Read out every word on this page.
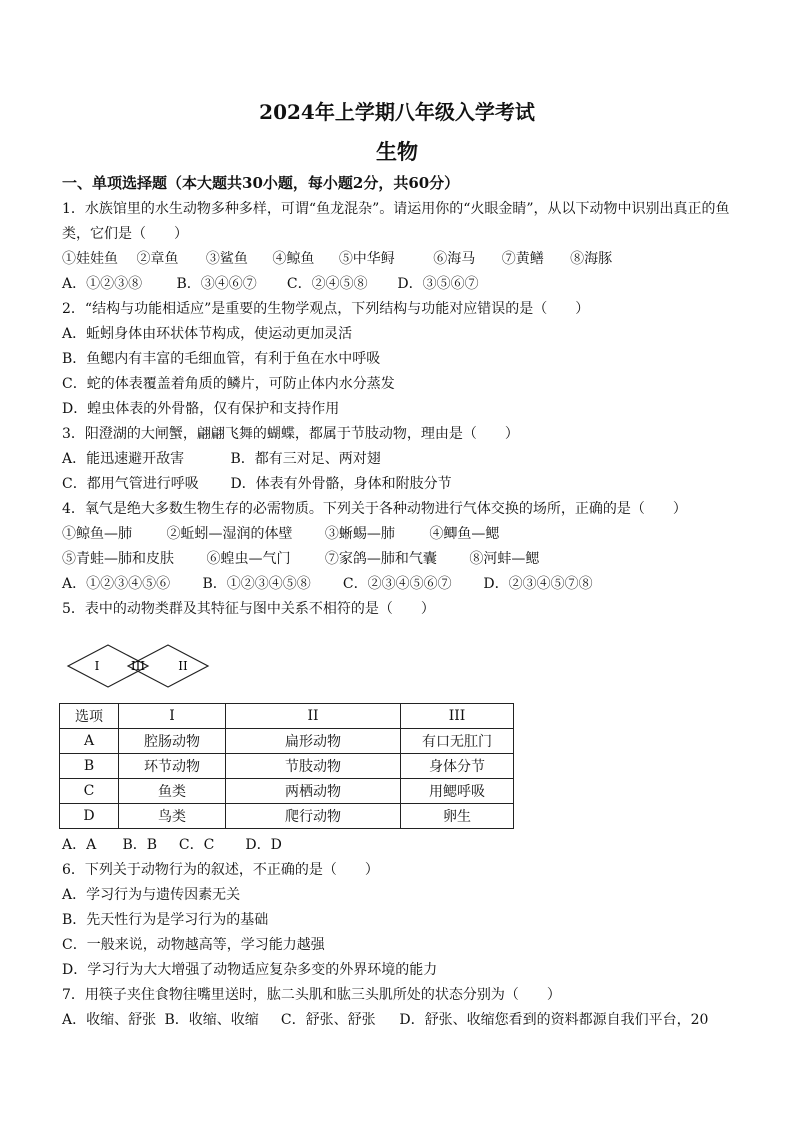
2024年上学期八年级入学考试
生物
一、单项选择题（本大题共30小题，每小题2分，共60分）
1．水族馆里的水生动物多种多样，可谓“鱼龙混杂”。请运用你的“火眼金睛”，从以下动物中识别出真正的鱼
类，它们是（　　）
①娃娃鱼 ②章鱼 ③鲨鱼 ④鲸鱼 ⑤中华鲟	⑥海马 ⑦黄鳝 ⑧海豚
A．①②③⑧ B．③④⑥⑦ C．②④⑤⑧ D．③⑤⑥⑦
2．“结构与功能相适应”是重要的生物学观点，下列结构与功能对应错误的是（　　）
A．蚯蚓身体由环状体节构成，使运动更加灵活
B．鱼鳃内有丰富的毛细血管，有利于鱼在水中呼吸
C．蛇的体表覆盖着角质的鳞片，可防止体内水分蒸发
D．蝗虫体表的外骨骼，仅有保护和支持作用
3．阳澄湖的大闸蟹，翩翩飞舞的蝴蝶，都属于节肢动物，理由是（　　）
A．能迅速避开敌害	B．都有三对足、两对翅
C．都用气管进行呼吸 D．体表有外骨骼，身体和附肢分节
4．氧气是绝大多数生物生存的必需物质。下列关于各种动物进行气体交换的场所，正确的是（　　）
①鲸鱼—肺 ②蚯蚓—湿润的体壁 ③蜥蜴—肺 ④鲫鱼—鳃
⑤青蛙—肺和皮肤 ⑥蝗虫—气门 ⑦家鸽—肺和气囊 ⑧河蚌—鳃
A．①②③④⑤⑥ B．①②③④⑤⑧ C．②③④⑤⑥⑦ D．②③④⑤⑦⑧
5．表中的动物类群及其特征与图中关系不相符的是（　　）
I	III	II
选项	I	II	III
A	腔肠动物	扁形动物	有口无肛门
B	环节动物	节肢动物	身体分节
C	鱼类	两栖动物	用鳃呼吸
D	鸟类	爬行动物	卵生
A．A B．B C．C D．D
6．下列关于动物行为的叙述，不正确的是（　　）
A．学习行为与遗传因素无关
B．先天性行为是学习行为的基础
C．一般来说，动物越高等，学习能力越强
D．学习行为大大增强了动物适应复杂多变的外界环境的能力
7．用筷子夹住食物往嘴里送时，肱二头肌和肱三头肌所处的状态分别为（　　）
A．收缩、舒张 B．收缩、收缩 C．舒张、舒张 D．舒张、收缩您看到的资料都源自我们平台，20
